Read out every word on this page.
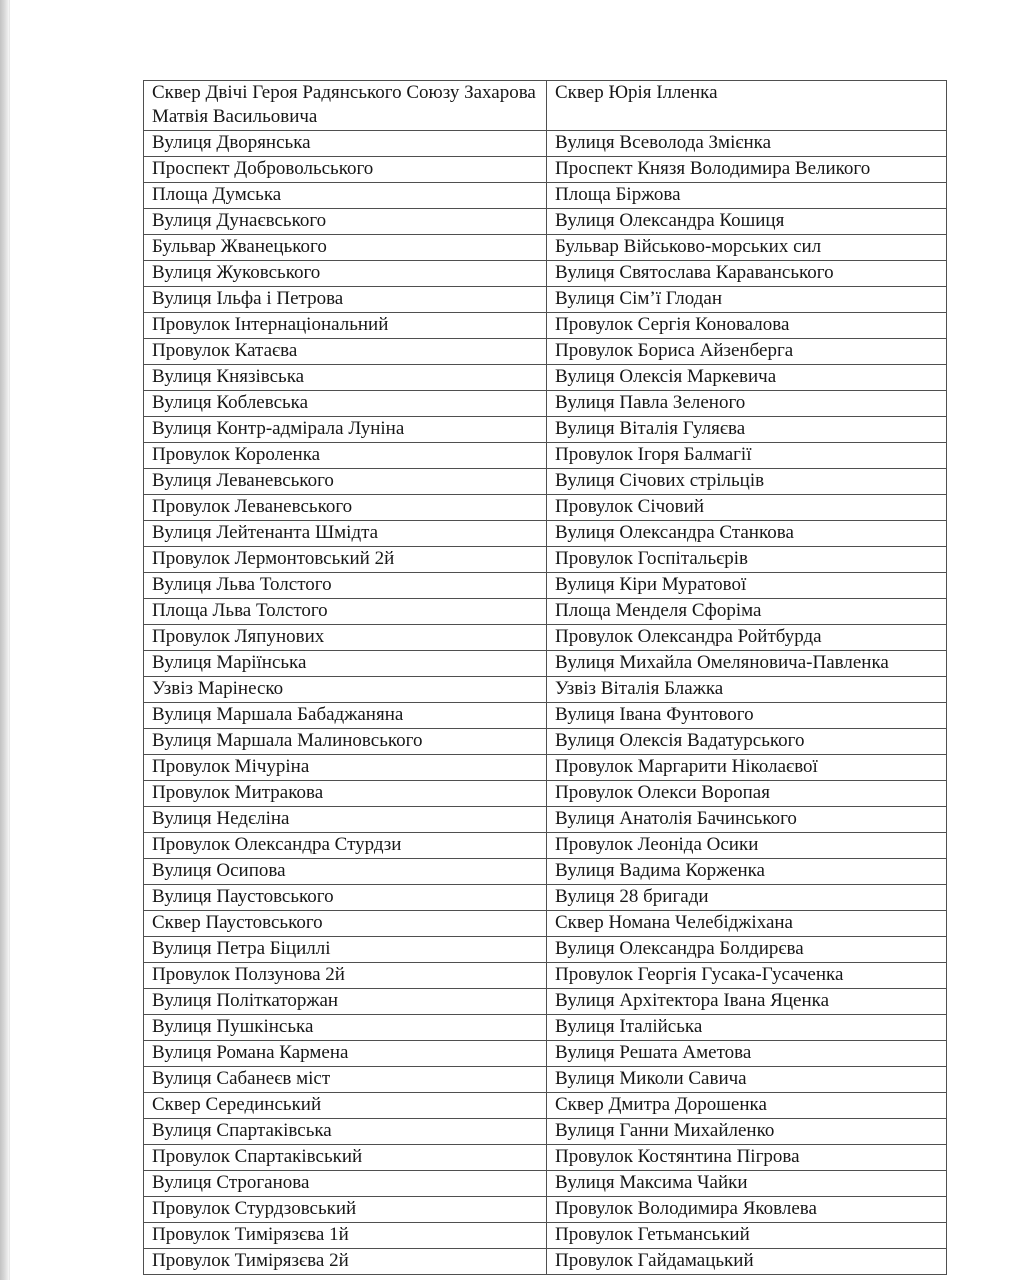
Сквер Двічі Героя Радянського Союзу Захарова Матвія Васильовича	Сквер Юрія Ілленка
Вулиця Дворянська	Вулиця Всеволода Змієнка
Проспект Добровольського	Проспект Князя Володимира Великого
Площа Думська	Площа Біржова
Вулиця Дунаєвського	Вулиця Олександра Кошиця
Бульвар Жванецького	Бульвар Військово-морських сил
Вулиця Жуковського	Вулиця Святослава Караванського
Вулиця Ільфа і Петрова	Вулиця Сім’ї Глодан
Провулок Інтернаціональний	Провулок Сергія Коновалова
Провулок Катаєва	Провулок Бориса Айзенберга
Вулиця Князівська	Вулиця Олексія Маркевича
Вулиця Коблевська	Вулиця Павла Зеленого
Вулиця Контр-адмірала Луніна	Вулиця Віталія Гуляєва
Провулок Короленка	Провулок Ігоря Балмагії
Вулиця Леваневського	Вулиця Січових стрільців
Провулок Леваневського	Провулок Січовий
Вулиця Лейтенанта Шмідта	Вулиця Олександра Станкова
Провулок Лермонтовський 2й	Провулок Госпітальєрів
Вулиця Льва Толстого	Вулиця Кіри Муратової
Площа Льва Толстого	Площа Менделя Сфоріма
Провулок Ляпунових	Провулок Олександра Ройтбурда
Вулиця Маріїнська	Вулиця Михайла Омеляновича-Павленка
Узвіз Марінеско	Узвіз Віталія Блажка
Вулиця Маршала Бабаджаняна	Вулиця Івана Фунтового
Вулиця Маршала Малиновського	Вулиця Олексія Вадатурського
Провулок Мічуріна	Провулок Маргарити Ніколаєвої
Провулок Митракова	Провулок Олекси Воропая
Вулиця Недєліна	Вулиця Анатолія Бачинського
Провулок Олександра Стурдзи	Провулок Леоніда Осики
Вулиця Осипова	Вулиця Вадима Корженка
Вулиця Паустовського	Вулиця 28 бригади
Сквер Паустовського	Сквер Номана Челебіджіхана
Вулиця Петра Біциллі	Вулиця Олександра Болдирєва
Провулок Ползунова 2й	Провулок Георгія Гусака-Гусаченка
Вулиця Політкаторжан	Вулиця Архітектора Івана Яценка
Вулиця Пушкінська	Вулиця Італійська
Вулиця Романа Кармена	Вулиця Решата Аметова
Вулиця Сабанеєв міст	Вулиця Миколи Савича
Сквер Серединський	Сквер Дмитра Дорошенка
Вулиця Спартаківська	Вулиця Ганни Михайленко
Провулок Спартаківський	Провулок Костянтина Пігрова
Вулиця Строганова	Вулиця Максима Чайки
Провулок Стурдзовський	Провулок Володимира Яковлева
Провулок Тимірязєва 1й	Провулок Гетьманський
Провулок Тимірязєва 2й	Провулок Гайдамацький
